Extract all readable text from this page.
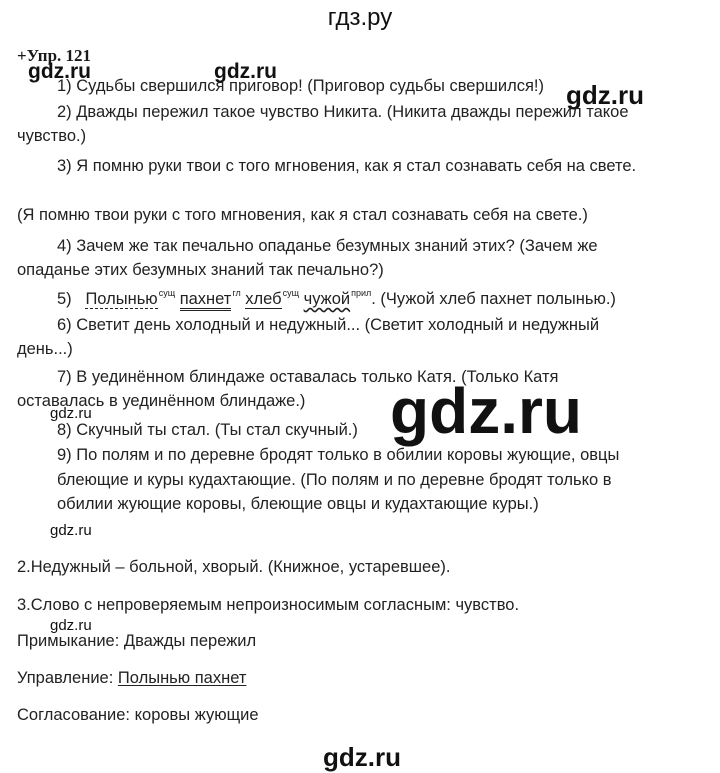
гдз.ру
+Упр. 121
gdz.ru	gdz.ru
gdz.ru
gdz.ru	gdz.ru
gdz.ru
gdz.ru
gdz.ru
1) Судьбы свершился приговор! (Приговор судьбы свершился!)
2) Дважды пережил такое чувство Никита. (Никита дважды пережил такое
чувство.)
3) Я помню руки твои с того мгновения, как я стал сознавать себя на свете.
(Я помню твои руки с того мгновения, как я стал сознавать себя на свете.)
4) Зачем же так печально опаданье безумных знаний этих? (Зачем же
опаданье этих безумных знаний так печально?)
5) Полынью$^{сущ}$ пахнет$^{гл}$ хлеб$^{сущ}$ чужой$^{прил}$. (Чужой хлеб пахнет полынью.)
6) Светит день холодный и недужный... (Светит холодный и недужный
день...)
7) В уединённом блиндаже оставалась только Катя. (Только Катя
оставалась в уединённом блиндаже.)
8) Скучный ты стал. (Ты стал скучный.)
9) По полям и по деревне бродят только в обилии коровы жующие, овцы
блеющие и куры кудахтающие. (По полям и по деревне бродят только в
обилии жующие коровы, блеющие овцы и кудахтающие куры.)
2.Недужный – больной, хворый. (Книжное, устаревшее).
3.Слово с непроверяемым непроизносимым согласным: чувство.
Примыкание: Дважды пережил
Управление: Полынью пахнет
Согласование: коровы жующие
